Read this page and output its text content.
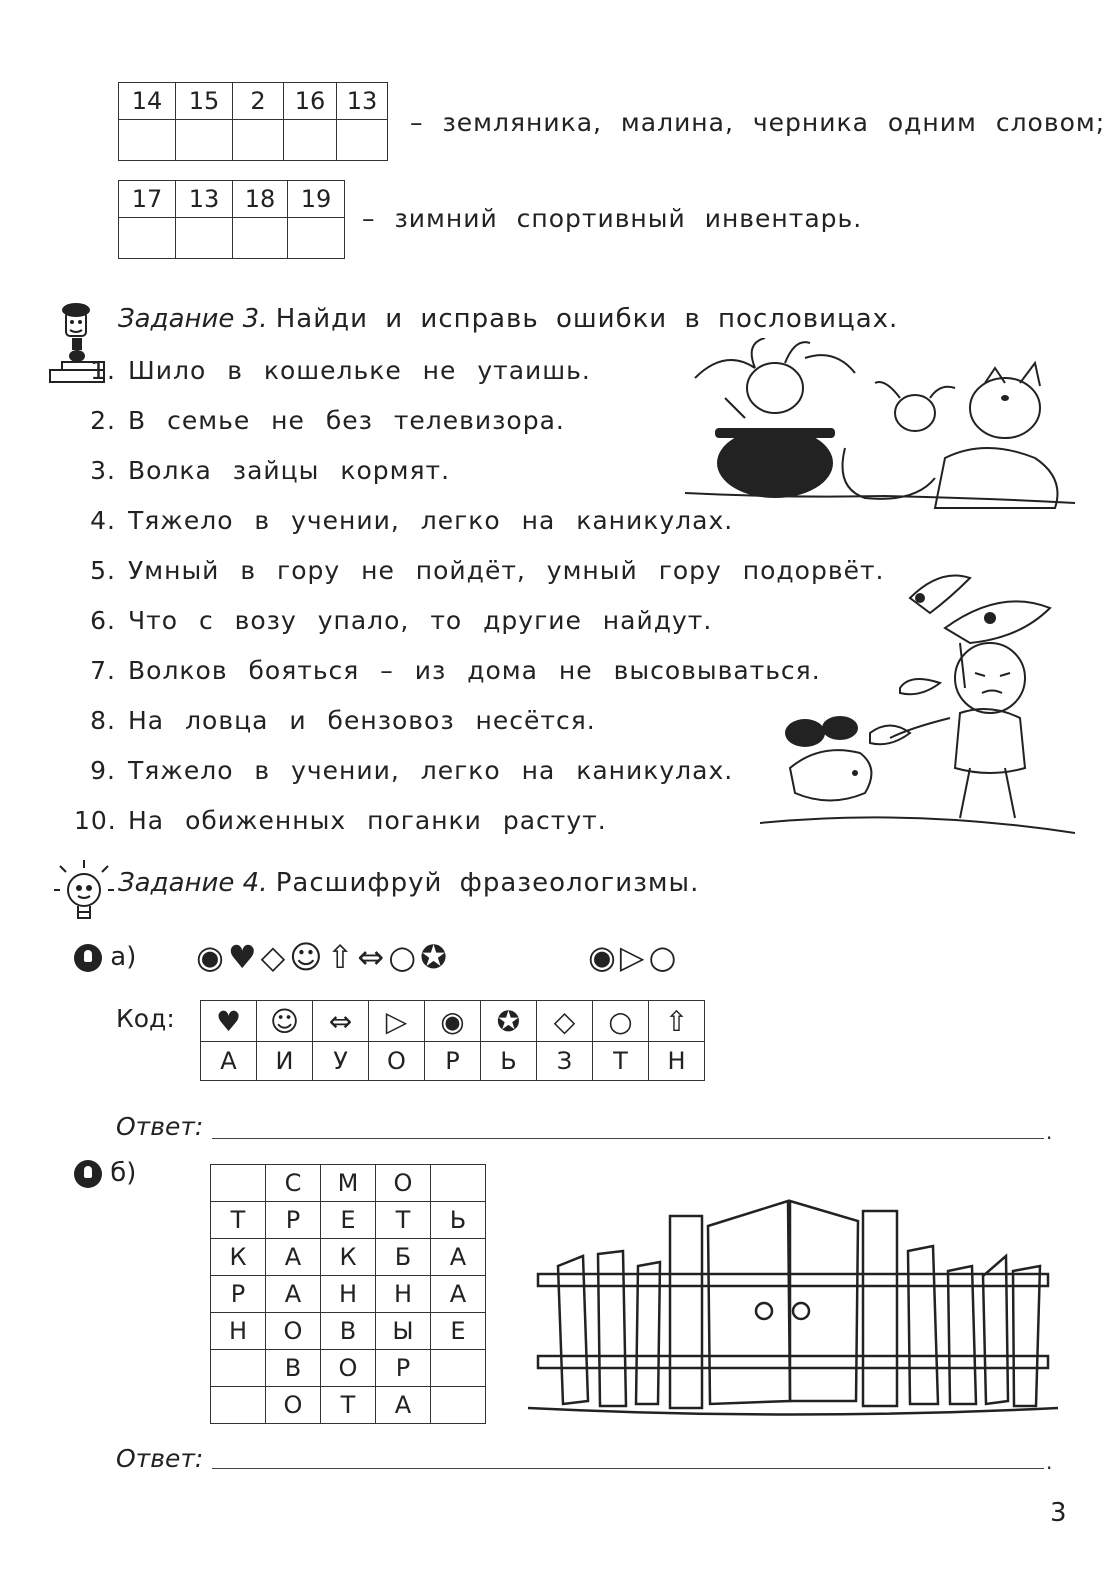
14	15	2	16	13

– земляника, малина, черника одним словом;
17	13	18	19

– зимний спортивный инвентарь.
Задание 3. Найди и исправь ошибки в пословицах.
1. Шило в кошельке не утаишь.
2. В семье не без телевизора.
3. Волка зайцы кормят.
4. Тяжело в учении, легко на каникулах.
5. Умный в гору не пойдёт, умный гору подорвёт.
6. Что с возу упало, то другие найдут.
7. Волков бояться – из дома не высовываться.
8. На ловца и бензовоз несётся.
9. Тяжело в учении, легко на каникулах.
10. На обиженных поганки растут.
Задание 4. Расшифруй фразеологизмы.
а) ◉♥◇☺⇧⇔○✪	◉▷○
Код: ♥	☺	⇔	▷	◉	✪	◇	○	⇧
А	И	У	О	Р	Ь	З	Т	Н
Ответ:	.
б)
		С	М	О	
Т	Р	Е	Т	Ь
К	А	К	Б	А
Р	А	Н	Н	А
Н	О	В	Ы	Е
	В	О	Р	
	О	Т	А	
Ответ:	.
3
